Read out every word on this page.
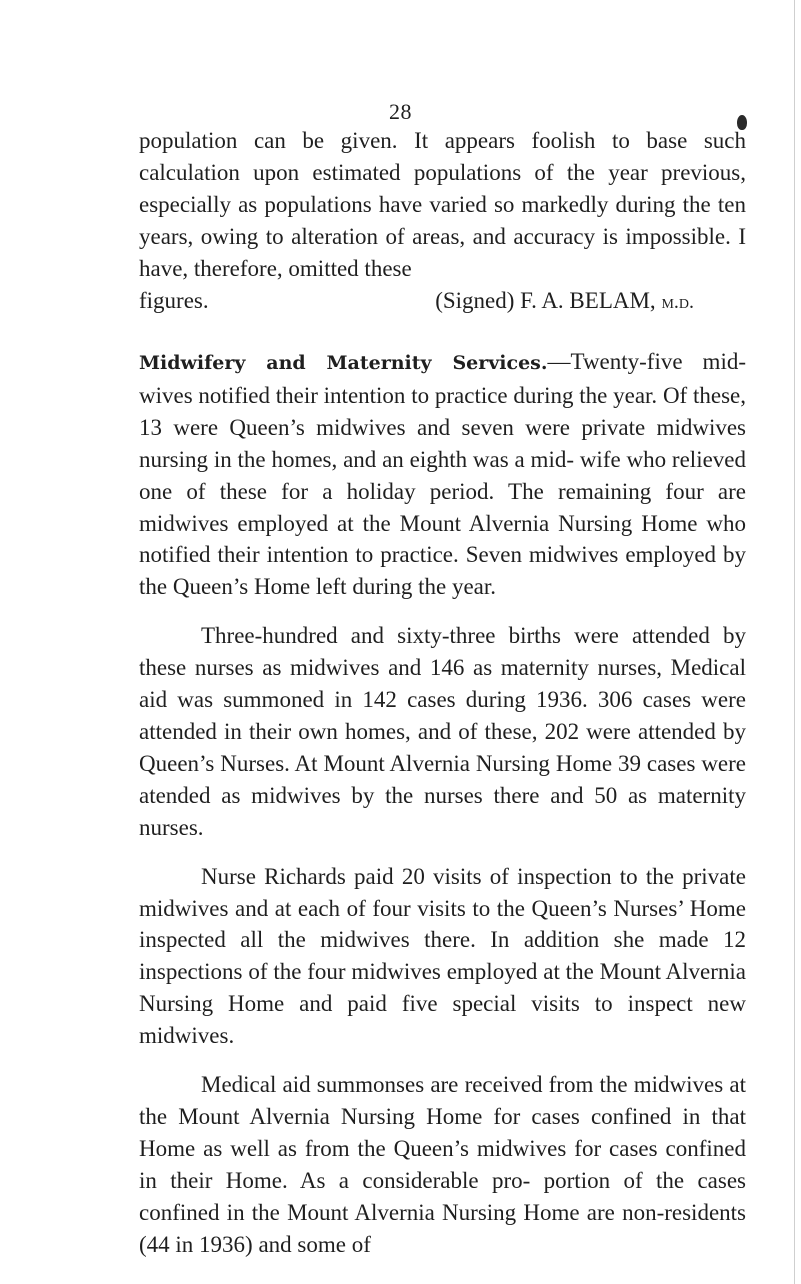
28
population can be given. It appears foolish to base such calculation upon estimated populations of the year previous, especially as populations have varied so markedly during the ten years, owing to alteration of areas, and accuracy is impossible. I have, therefore, omitted these
figures.	(Signed) F. A. BELAM, m.d.

Midwifery and Maternity Services.—Twenty-five mid- wives notified their intention to practice during the year. Of these, 13 were Queen’s midwives and seven were private midwives nursing in the homes, and an eighth was a mid- wife who relieved one of these for a holiday period. The remaining four are midwives employed at the Mount Alvernia Nursing Home who notified their intention to practice. Seven midwives employed by the Queen’s Home left during the year.

Three-hundred and sixty-three births were attended by these nurses as midwives and 146 as maternity nurses, Medical aid was summoned in 142 cases during 1936. 306 cases were attended in their own homes, and of these, 202 were attended by Queen’s Nurses. At Mount Alvernia Nursing Home 39 cases were atended as midwives by the nurses there and 50 as maternity nurses.

Nurse Richards paid 20 visits of inspection to the private midwives and at each of four visits to the Queen’s Nurses’ Home inspected all the midwives there. In addition she made 12 inspections of the four midwives employed at the Mount Alvernia Nursing Home and paid five special visits to inspect new midwives.

Medical aid summonses are received from the midwives at the Mount Alvernia Nursing Home for cases confined in that Home as well as from the Queen’s midwives for cases confined in their Home. As a considerable pro- portion of the cases confined in the Mount Alvernia Nursing Home are non-residents (44 in 1936) and some of
